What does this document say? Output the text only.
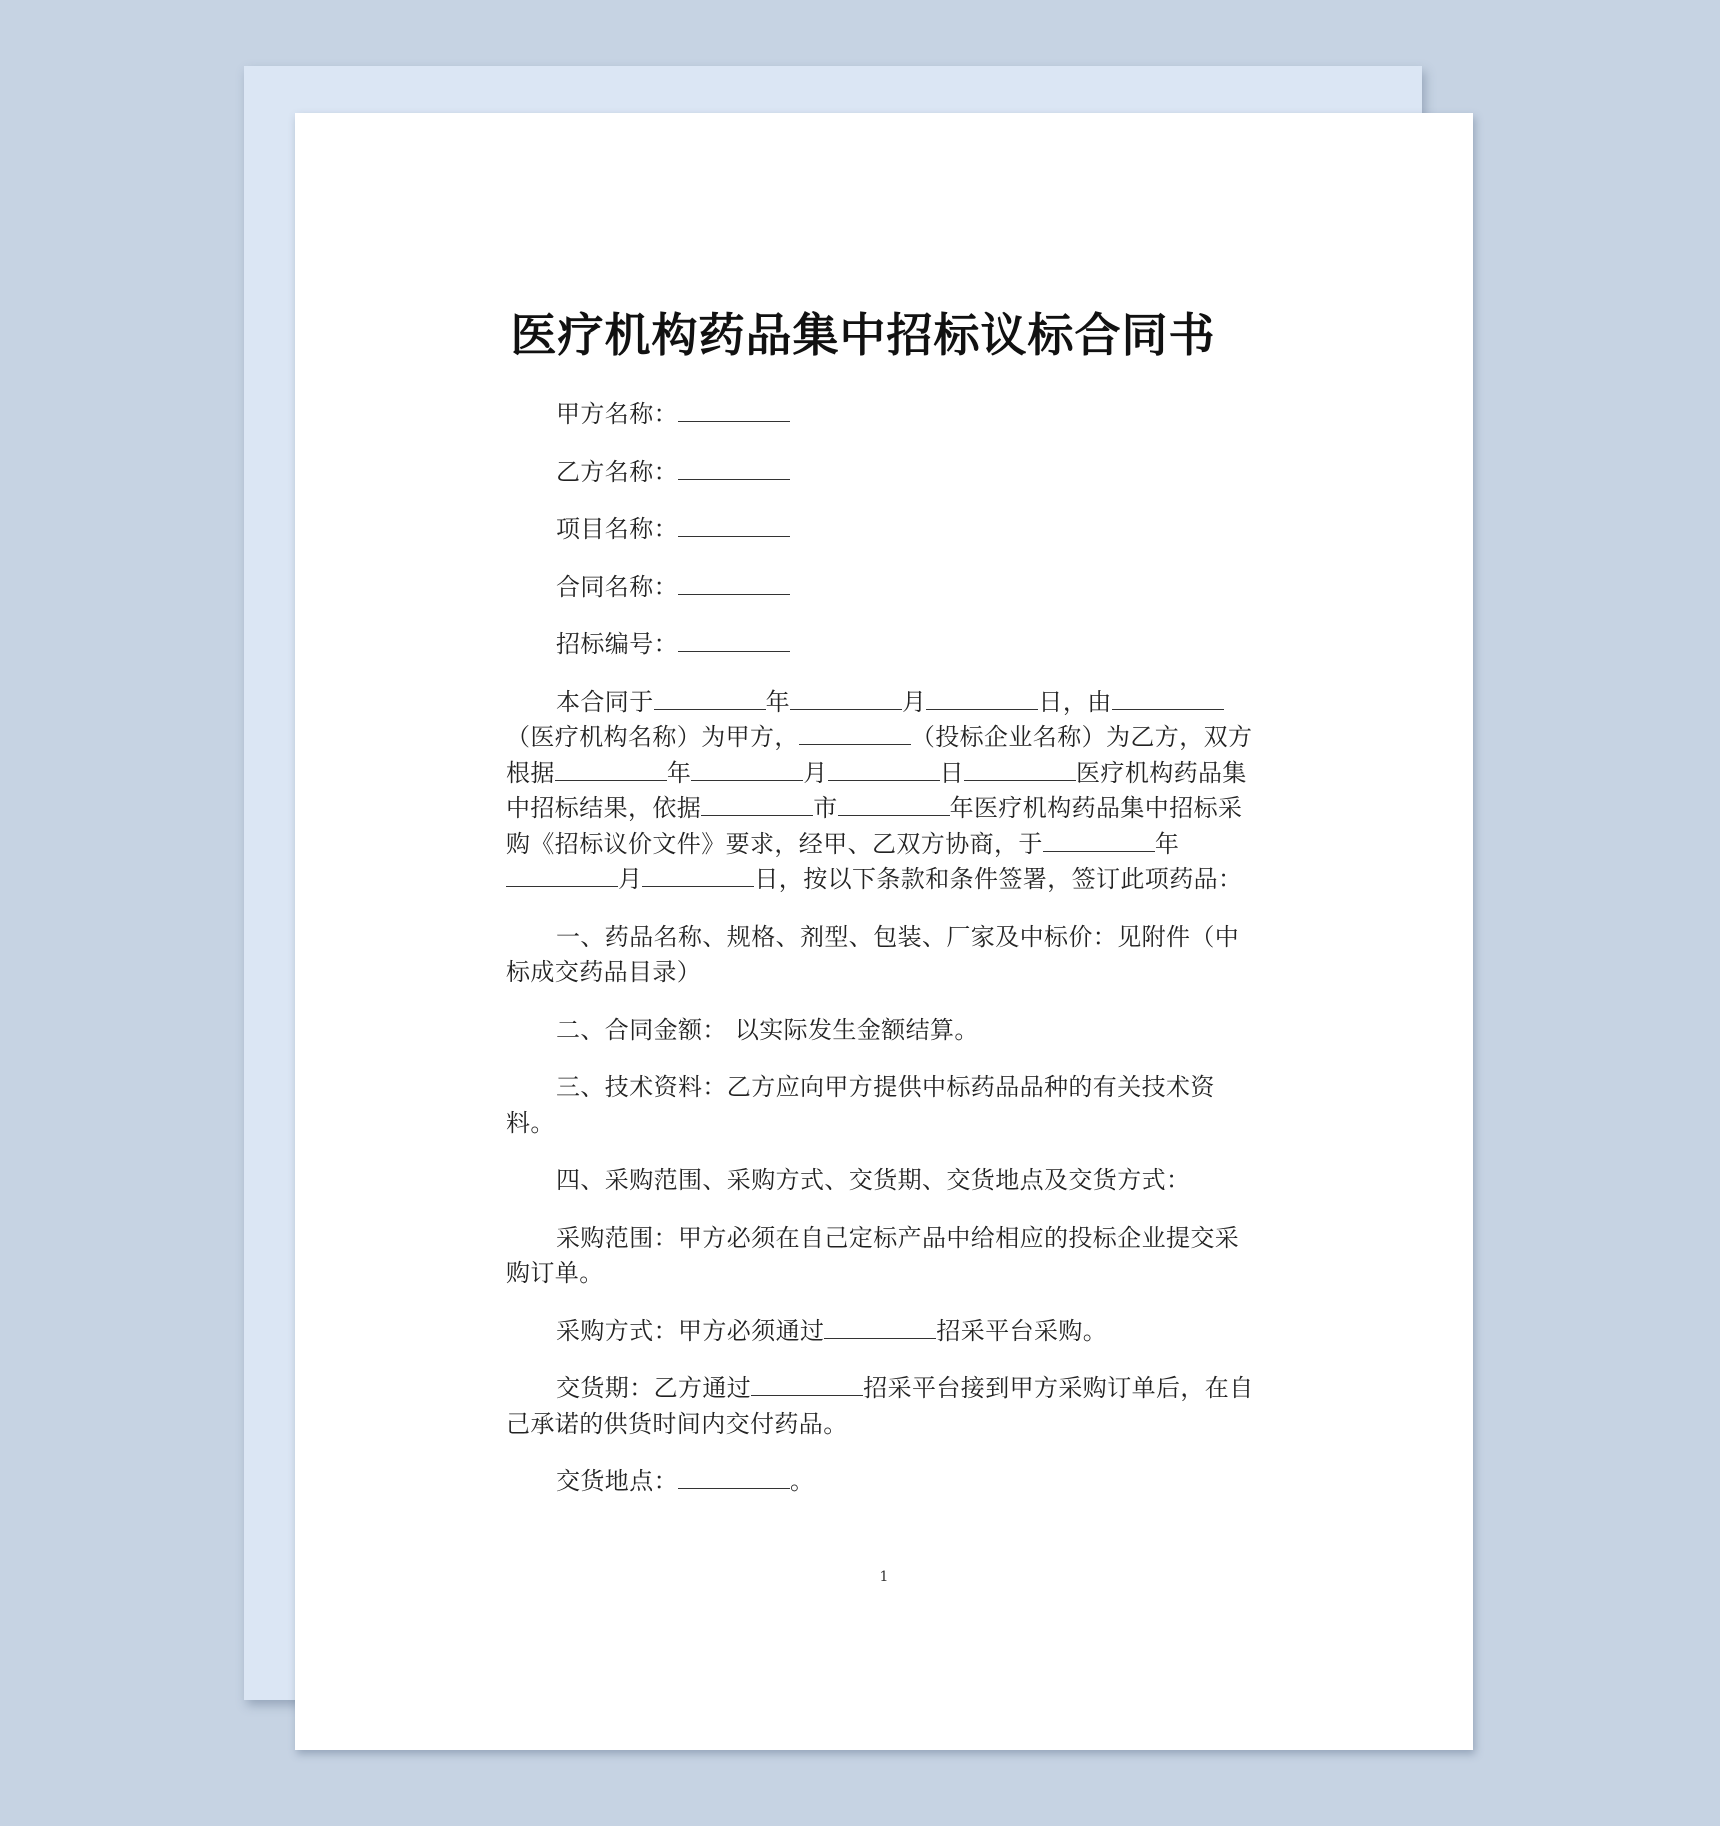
医疗机构药品集中招标议标合同书

甲方名称：

乙方名称：

项目名称：

合同名称：

招标编号：

本合同于	年	月	日，由（医疗机构名称）为甲方，	（投标企业名称）为乙方，双方根据	年	月	日	医疗机构药品集中招标结果，依据	市	年医疗机构药品集中招标采购《招标议价文件》要求，经甲、乙双方协商，于	年月	日，按以下条款和条件签署，签订此项药品：

一、药品名称、规格、剂型、包装、厂家及中标价：见附件（中标成交药品目录）

二、合同金额： 以实际发生金额结算。

三、技术资料：乙方应向甲方提供中标药品品种的有关技术资料。

四、采购范围、采购方式、交货期、交货地点及交货方式：

采购范围：甲方必须在自己定标产品中给相应的投标企业提交采购订单。

采购方式：甲方必须通过	招采平台采购。

交货期：乙方通过	招采平台接到甲方采购订单后，在自己承诺的供货时间内交付药品。

交货地点：	。

1
